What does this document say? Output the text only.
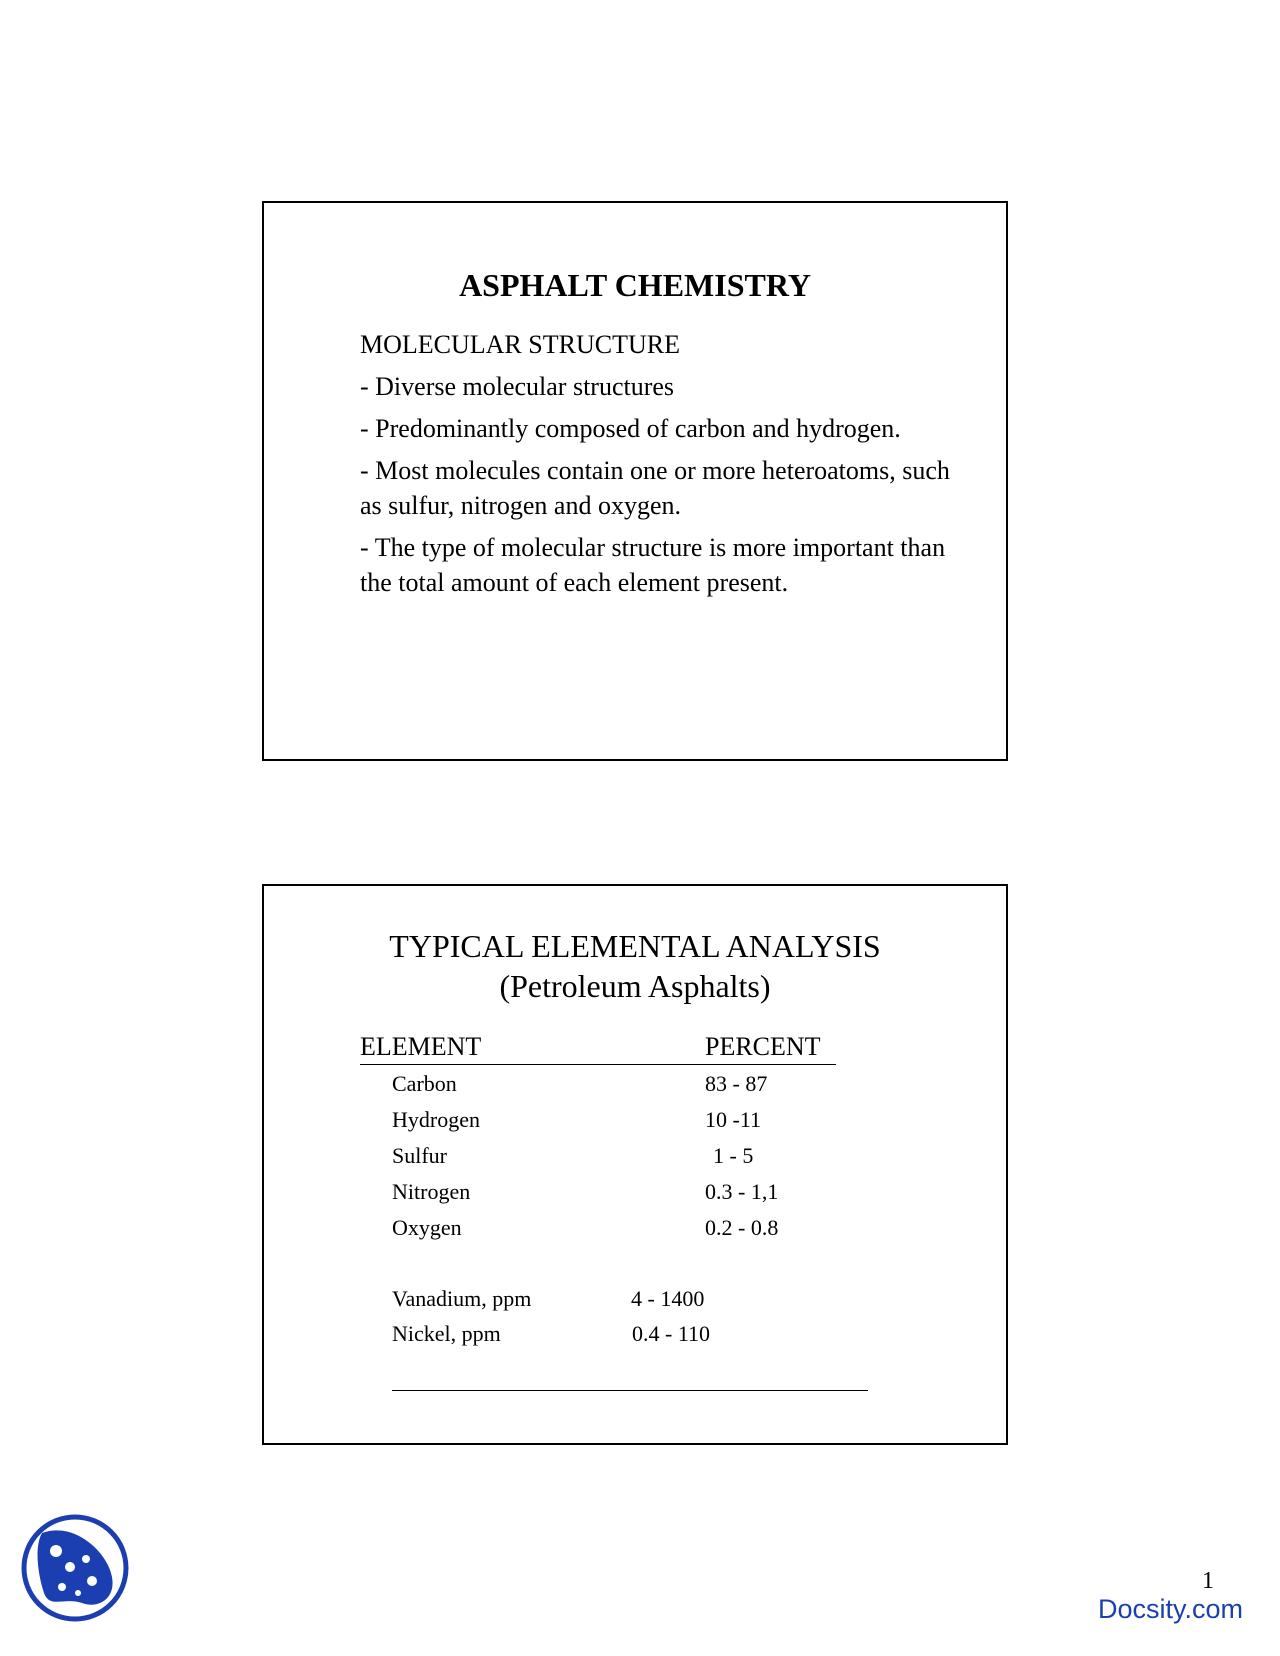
ASPHALT CHEMISTRY

MOLECULAR STRUCTURE

- Diverse molecular structures

- Predominantly composed of carbon and hydrogen.

- Most molecules contain one or more heteroatoms, such as sulfur, nitrogen and oxygen.

- The type of molecular structure is more important than the total amount of each element present.

TYPICAL ELEMENTAL ANALYSIS
(Petroleum Asphalts)
ELEMENT	PERCENT
Carbon	83 - 87
Hydrogen	10 -11
Sulfur	1 - 5
Nitrogen	0.3 - 1,1
Oxygen	0.2 - 0.8
Vanadium, ppm	4 - 1400
Nickel, ppm	0.4 - 110
1
Docsity.com
